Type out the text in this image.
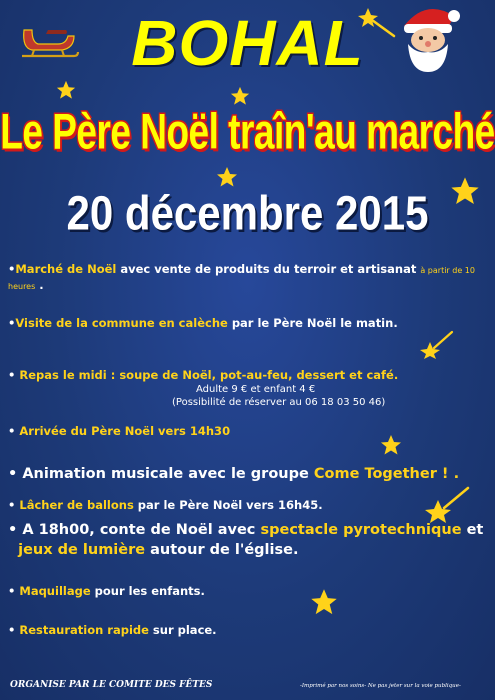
BOHAL
Le Père Noël traîn'au marché
20 décembre 2015
•Marché de Noël avec vente de produits du terroir et artisanat à partir de 10 heures .
•Visite de la commune en calèche par le Père Noël le matin.
• Repas le midi : soupe de Noël, pot-au-feu, dessert et café.
Adulte 9 € et enfant 4 €
(Possibilité de réserver au 06 18 03 50 46)
• Arrivée du Père Noël vers 14h30
• Animation musicale avec le groupe Come Together ! .
• Lâcher de ballons par le Père Noël vers 16h45.
• A 18h00, conte de Noël avec spectacle pyrotechnique et
jeux de lumière autour de l'église.
• Maquillage pour les enfants.
• Restauration rapide sur place.
ORGANISE PAR LE COMITE DES FÊTES	-Imprimé par nos soins- Ne pas jeter sur la voie publique-
